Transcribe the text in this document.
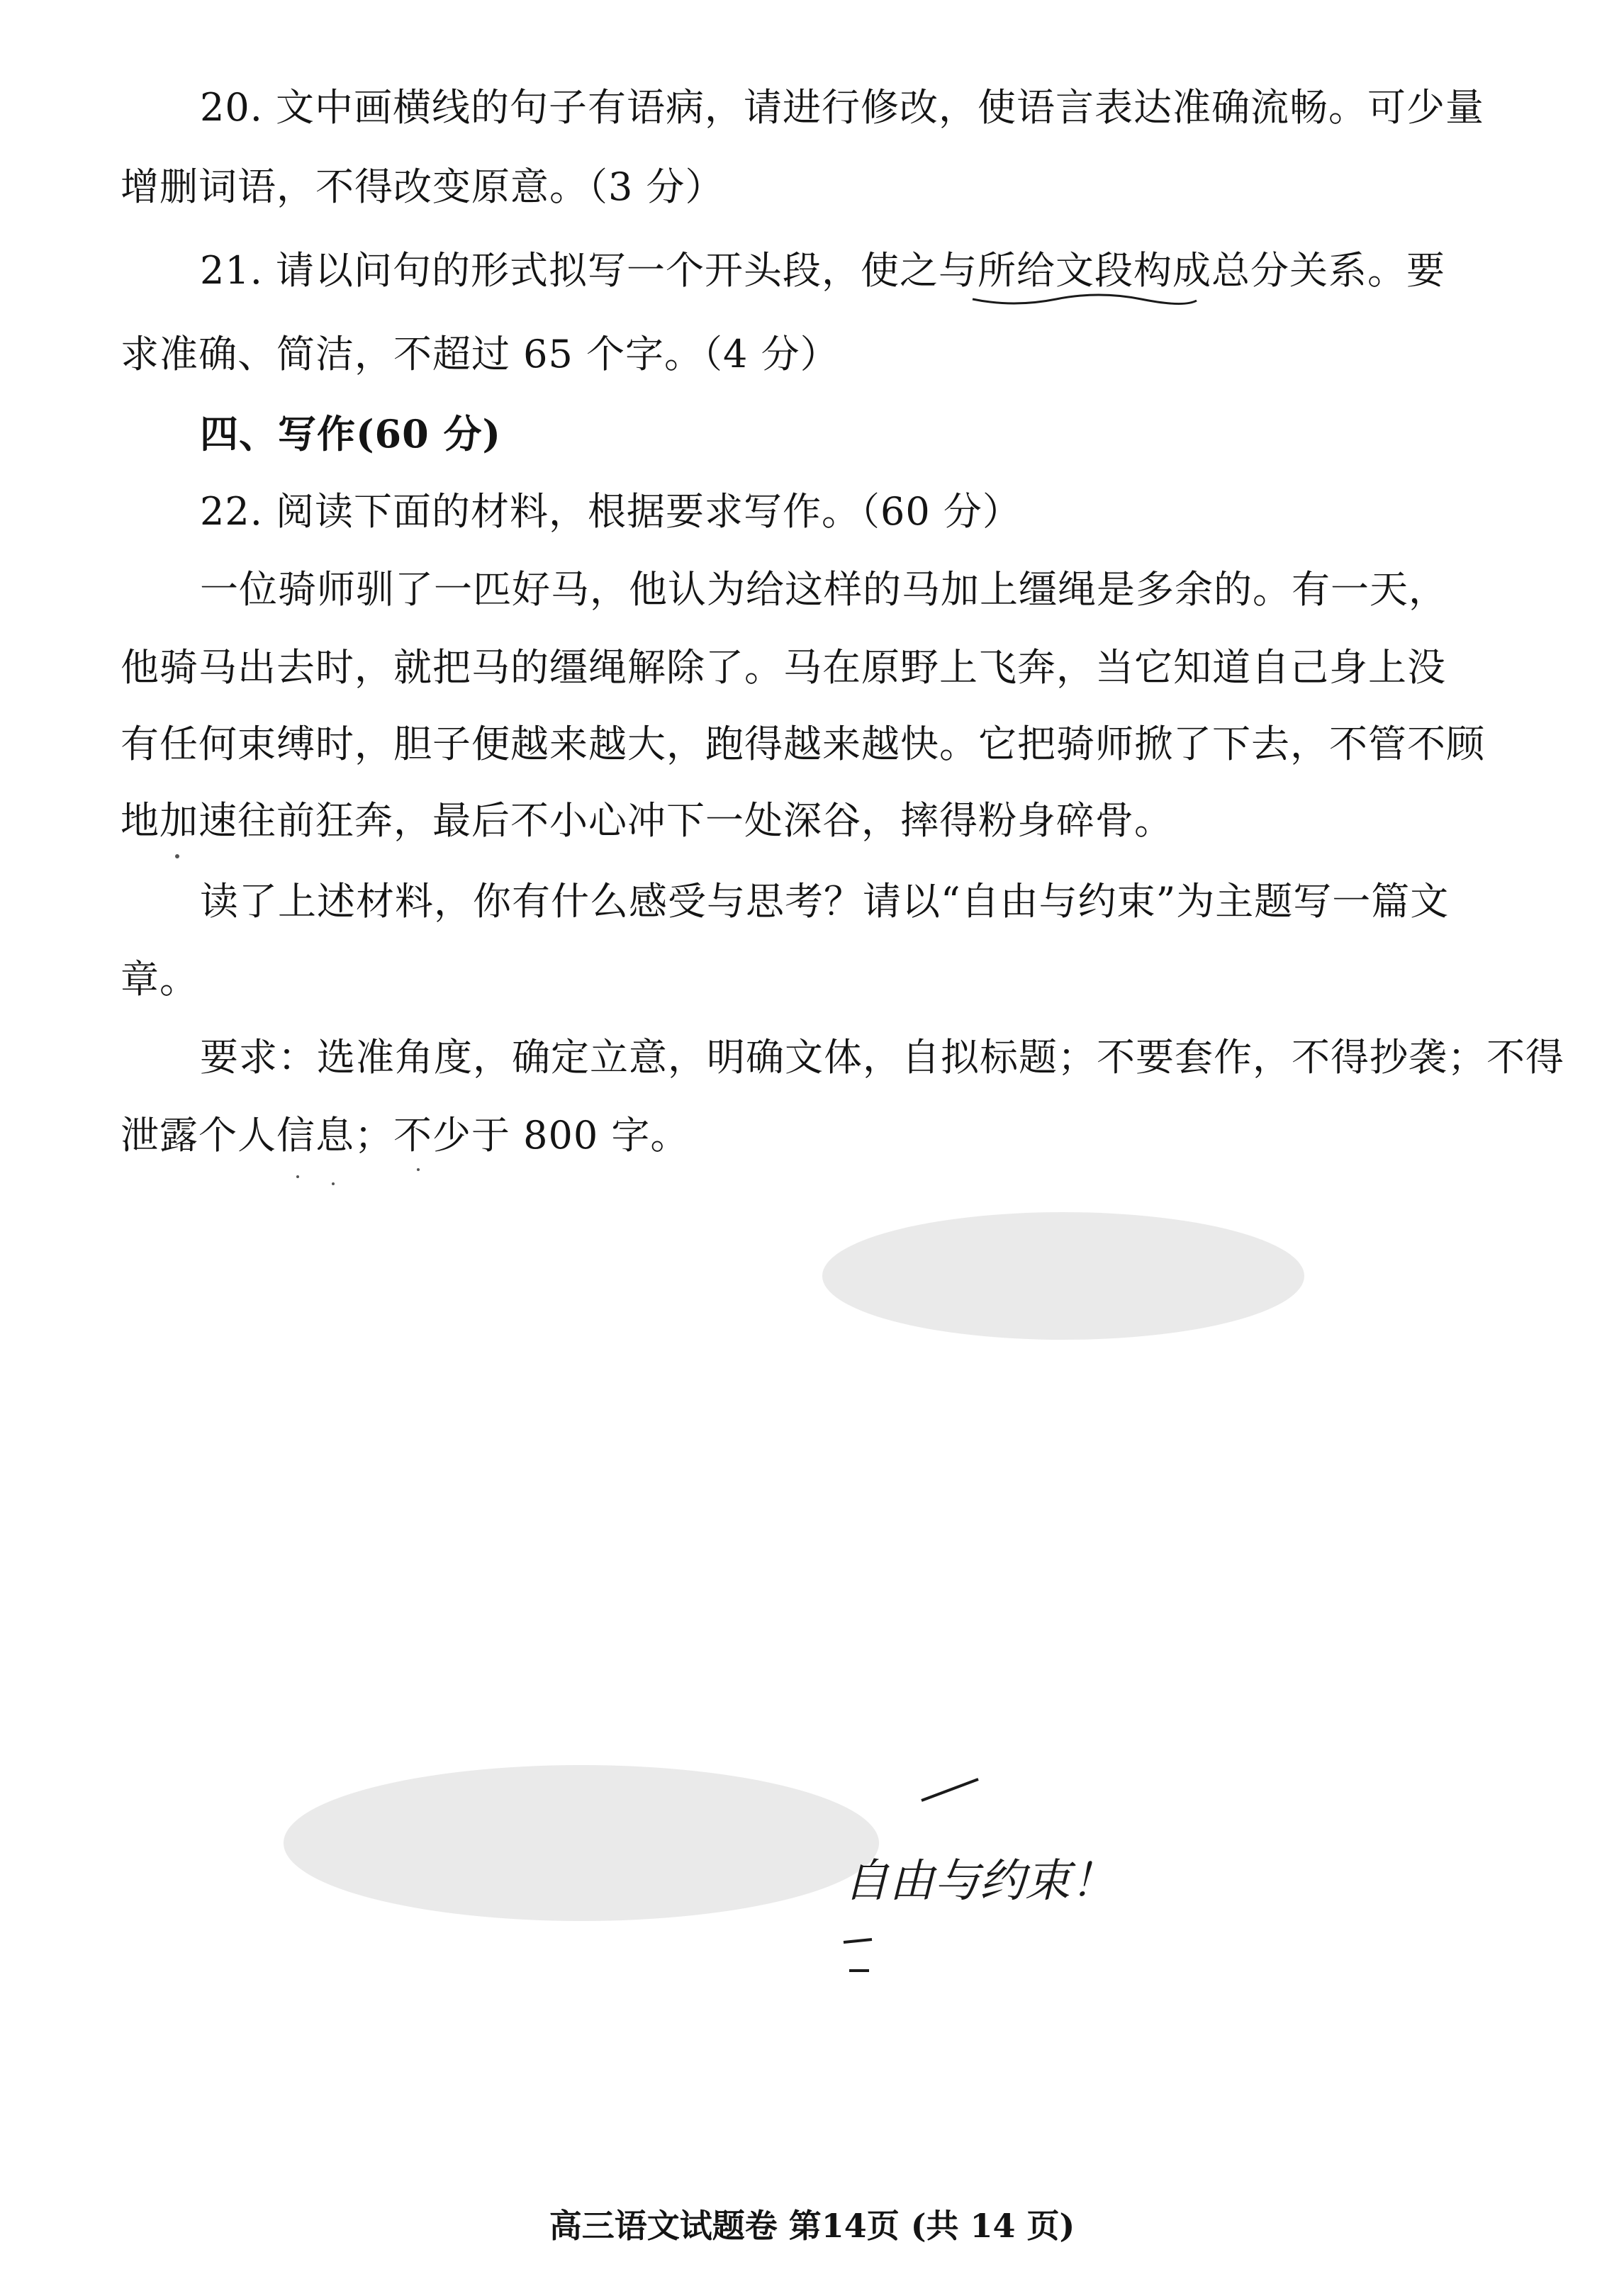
20. 文中画横线的句子有语病，请进行修改，使语言表达准确流畅。可少量
增删词语，不得改变原意。（3 分）
21. 请以问句的形式拟写一个开头段，使之与所给文段构成总分关系。要
求准确、简洁，不超过 65 个字。（4 分）
四、写作(60 分)
22. 阅读下面的材料，根据要求写作。（60 分）
一位骑师驯了一匹好马，他认为给这样的马加上缰绳是多余的。有一天，
他骑马出去时，就把马的缰绳解除了。马在原野上飞奔，当它知道自己身上没
有任何束缚时，胆子便越来越大，跑得越来越快。它把骑师掀了下去，不管不顾
地加速往前狂奔，最后不小心冲下一处深谷，摔得粉身碎骨。
读了上述材料，你有什么感受与思考？请以“自由与约束”为主题写一篇文
章。
要求：选准角度，确定立意，明确文体，自拟标题；不要套作，不得抄袭；不得
泄露个人信息；不少于 800 字。
自由与约束！
高三语文试题卷 第14页 (共 14 页)
